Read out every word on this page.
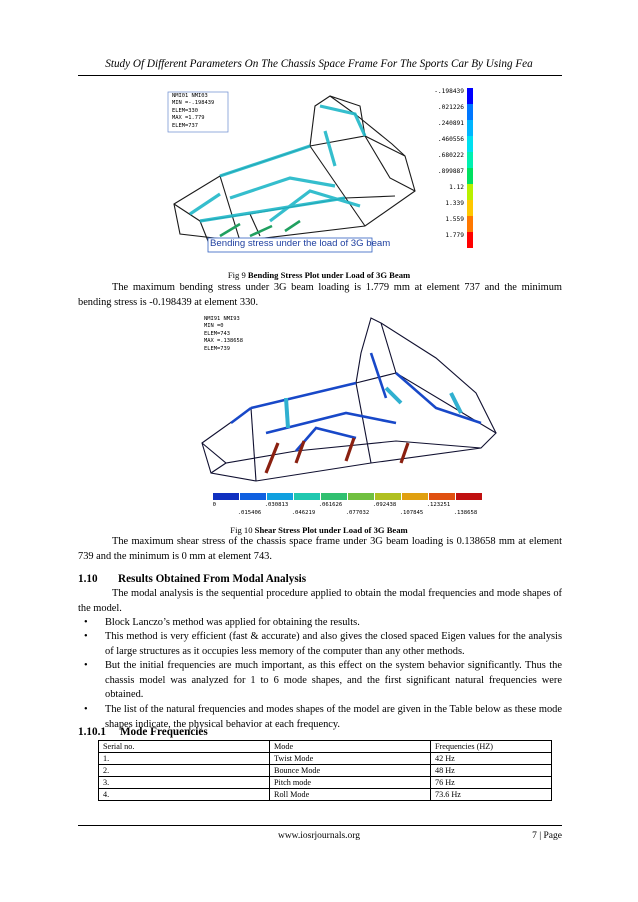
Study Of Different Parameters On The Chassis Space Frame For The Sports Car By Using Fea
NMI01 NMI03
MIN =-.198439
ELEM=330
MAX =1.779
ELEM=737
Bending stress under the load of 3G beam
-.198439
.021226
.240891
.460556
.680222
.899887
1.12
1.339
1.559
1.779
Fig 9 Bending Stress Plot under Load of 3G Beam
The maximum bending stress under 3G beam loading is 1.779 mm at element 737 and the minimum bending stress is -0.198439 at element 330.
NMI91 NMI93
MIN =0
ELEM=743
MAX =.138658
ELEM=739
0	.030813	.061626	.092438	.123251
.015406	.046219	.077032	.107845	.138658
Fig 10 Shear Stress Plot under Load of 3G Beam
The maximum shear stress of the chassis space frame under 3G beam loading is 0.138658 mm at element 739 and the minimum is 0 mm at element 743.
1.10 Results Obtained From Modal Analysis
The modal analysis is the sequential procedure applied to obtain the modal frequencies and mode shapes of the model.
• Block Lanczo’s method was applied for obtaining the results.
• This method is very efficient (fast & accurate) and also gives the closed spaced Eigen values for the analysis of large structures as it occupies less memory of the computer than any other methods.
• But the initial frequencies are much important, as this effect on the system behavior significantly. Thus the chassis model was analyzed for 1 to 6 mode shapes, and the first significant natural frequencies were obtained.
• The list of the natural frequencies and modes shapes of the model are given in the Table below as these mode shapes indicate, the physical behavior at each frequency.
1.10.1 Mode Frequencies
Serial no.	Mode	Frequencies (HZ)
1.	Twist Mode	42 Hz
2.	Bounce Mode	48 Hz
3.	Pitch mode	76 Hz
4.	Roll Mode	73.6 Hz
www.iosrjournals.org	7 | Page
